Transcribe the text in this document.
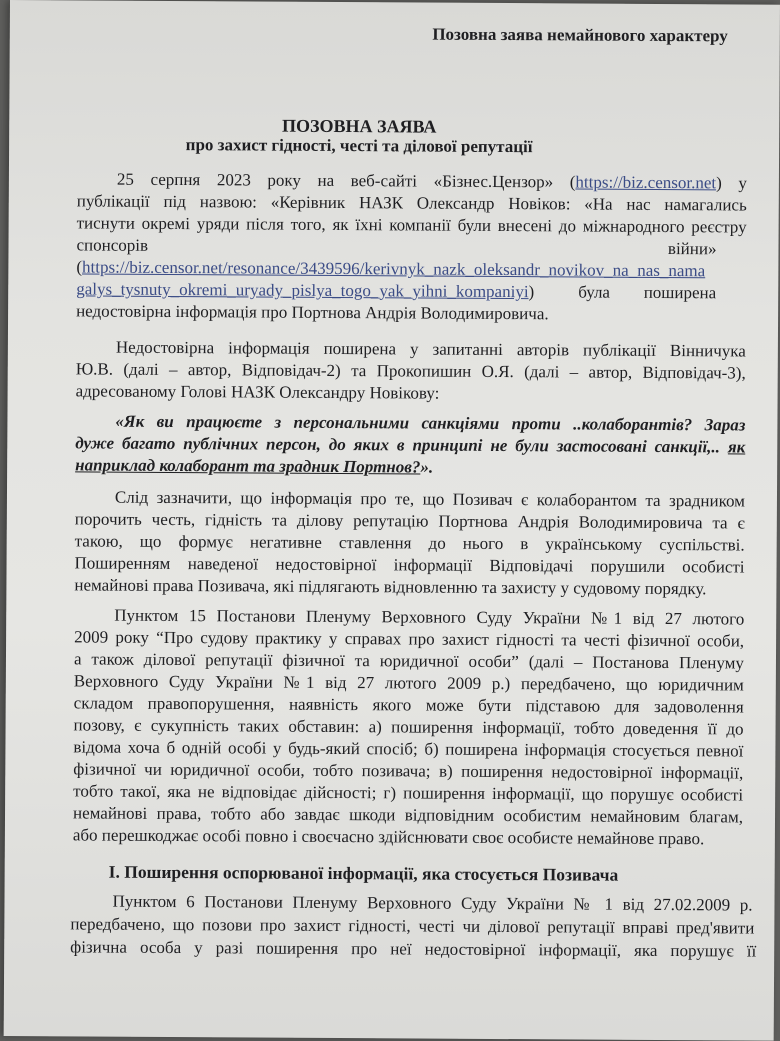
Позовна заява немайнового характеру
ПОЗОВНА ЗАЯВА
про захист гідності, честі та ділової репутації
25 серпня 2023 року на веб-сайті «Бізнес.Цензор» (https://biz.censor.net) у
публікації під назвою: «Керівник НАЗК Олександр Новіков: «На нас намагались
тиснути окремі уряди після того, як їхні компанії були внесені до міжнародного реєстру
спонсорів	війни»
(https://biz.censor.net/resonance/3439596/kerivnyk_nazk_oleksandr_novikov_na_nas_nama
galys_tysnuty_okremi_uryady_pislya_togo_yak_yihni_kompaniyi)	була поширена
недостовірна інформація про Портнова Андрія Володимировича.
Недостовірна інформація поширена у запитанні авторів публікації Вінничука
Ю.В. (далі – автор, Відповідач-2) та Прокопишин О.Я. (далі – автор, Відповідач-3),
адресованому Голові НАЗК Олександру Новікову:
«Як ви працюєте з персональними санкціями проти ..колаборантів? Зараз
дуже багато публічних персон, до яких в принципі не були застосовані санкції,.. як
наприклад колаборант та зрадник Портнов?».
Слід зазначити, що інформація про те, що Позивач є колаборантом та зрадником
порочить честь, гідність та ділову репутацію Портнова Андрія Володимировича та є
такою, що формує негативне ставлення до нього в українському суспільстві.
Поширенням наведеної недостовірної інформації Відповідачі порушили особисті
немайнові права Позивача, які підлягають відновленню та захисту у судовому порядку.
Пунктом 15 Постанови Пленуму Верховного Суду України №1 від 27 лютого
2009 року “Про судову практику у справах про захист гідності та честі фізичної особи,
а також ділової репутації фізичної та юридичної особи” (далі – Постанова Пленуму
Верховного Суду України №1 від 27 лютого 2009 р.) передбачено, що юридичним
складом правопорушення, наявність якого може бути підставою для задоволення
позову, є сукупність таких обставин: а) поширення інформації, тобто доведення її до
відома хоча б одній особі у будь-який спосіб; б) поширена інформація стосується певної
фізичної чи юридичної особи, тобто позивача; в) поширення недостовірної інформації,
тобто такої, яка не відповідає дійсності; г) поширення інформації, що порушує особисті
немайнові права, тобто або завдає шкоди відповідним особистим немайновим благам,
або перешкоджає особі повно і своєчасно здійснювати своє особисте немайнове право.
I. Поширення оспорюваної інформації, яка стосується Позивача
Пунктом 6 Постанови Пленуму Верховного Суду України № 1 від 27.02.2009 р.
передбачено, що позови про захист гідності, честі чи ділової репутації вправі пред'явити
фізична особа у разі поширення про неї недостовірної інформації, яка порушує її
